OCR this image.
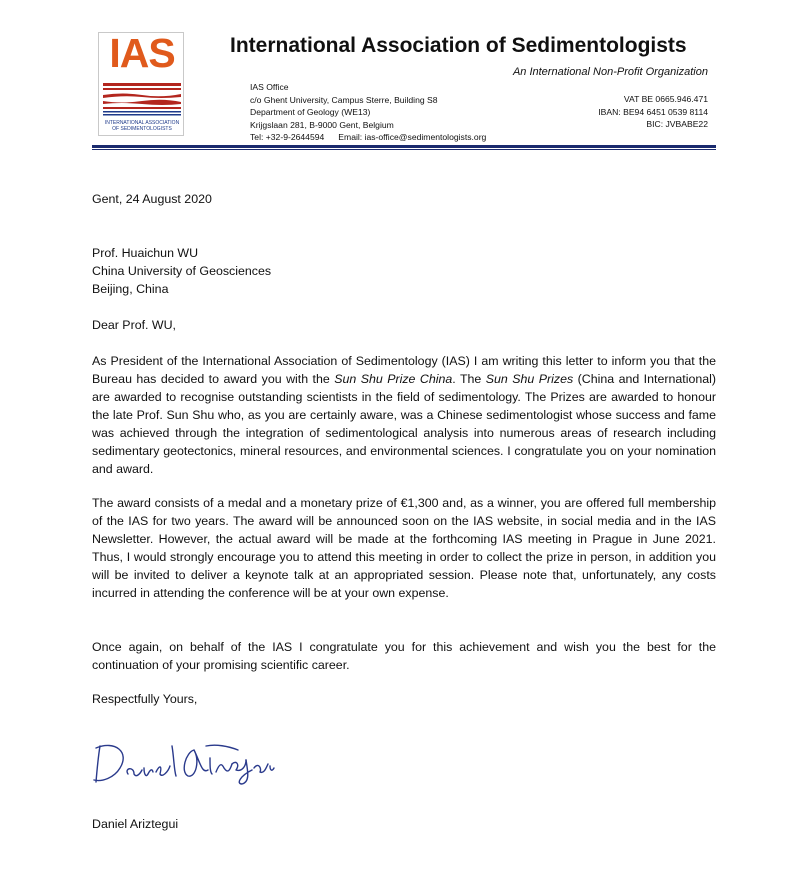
IAS
INTERNATIONAL ASSOCIATION
OF SEDIMENTOLOGISTS
International Association of Sedimentologists
An International Non-Profit Organization
IAS Office
c/o Ghent University, Campus Sterre, Building S8
Department of Geology (WE13)
Krijgslaan 281, B-9000 Gent, Belgium
Tel: +32-9-2644594 Email: ias-office@sedimentologists.org
VAT BE 0665.946.471
IBAN: BE94 6451 0539 8114
BIC: JVBABE22
Gent, 24 August 2020
Prof. Huaichun WU
China University of Geosciences
Beijing, China
Dear Prof. WU,
As President of the International Association of Sedimentology (IAS) I am writing this letter to inform you that the Bureau has decided to award you with the Sun Shu Prize China. The Sun Shu Prizes (China and International) are awarded to recognise outstanding scientists in the field of sedimentology. The Prizes are awarded to honour the late Prof. Sun Shu who, as you are certainly aware, was a Chinese sedimentologist whose success and fame was achieved through the integration of sedimentological analysis into numerous areas of research including sedimentary geotectonics, mineral resources, and environmental sciences. I congratulate you on your nomination and award.
The award consists of a medal and a monetary prize of €1,300 and, as a winner, you are offered full membership of the IAS for two years. The award will be announced soon on the IAS website, in social media and in the IAS Newsletter. However, the actual award will be made at the forthcoming IAS meeting in Prague in June 2021. Thus, I would strongly encourage you to attend this meeting in order to collect the prize in person, in addition you will be invited to deliver a keynote talk at an appropriated session. Please note that, unfortunately, any costs incurred in attending the conference will be at your own expense.
Once again, on behalf of the IAS I congratulate you for this achievement and wish you the best for the continuation of your promising scientific career.
Respectfully Yours,
Daniel Ariztegui
